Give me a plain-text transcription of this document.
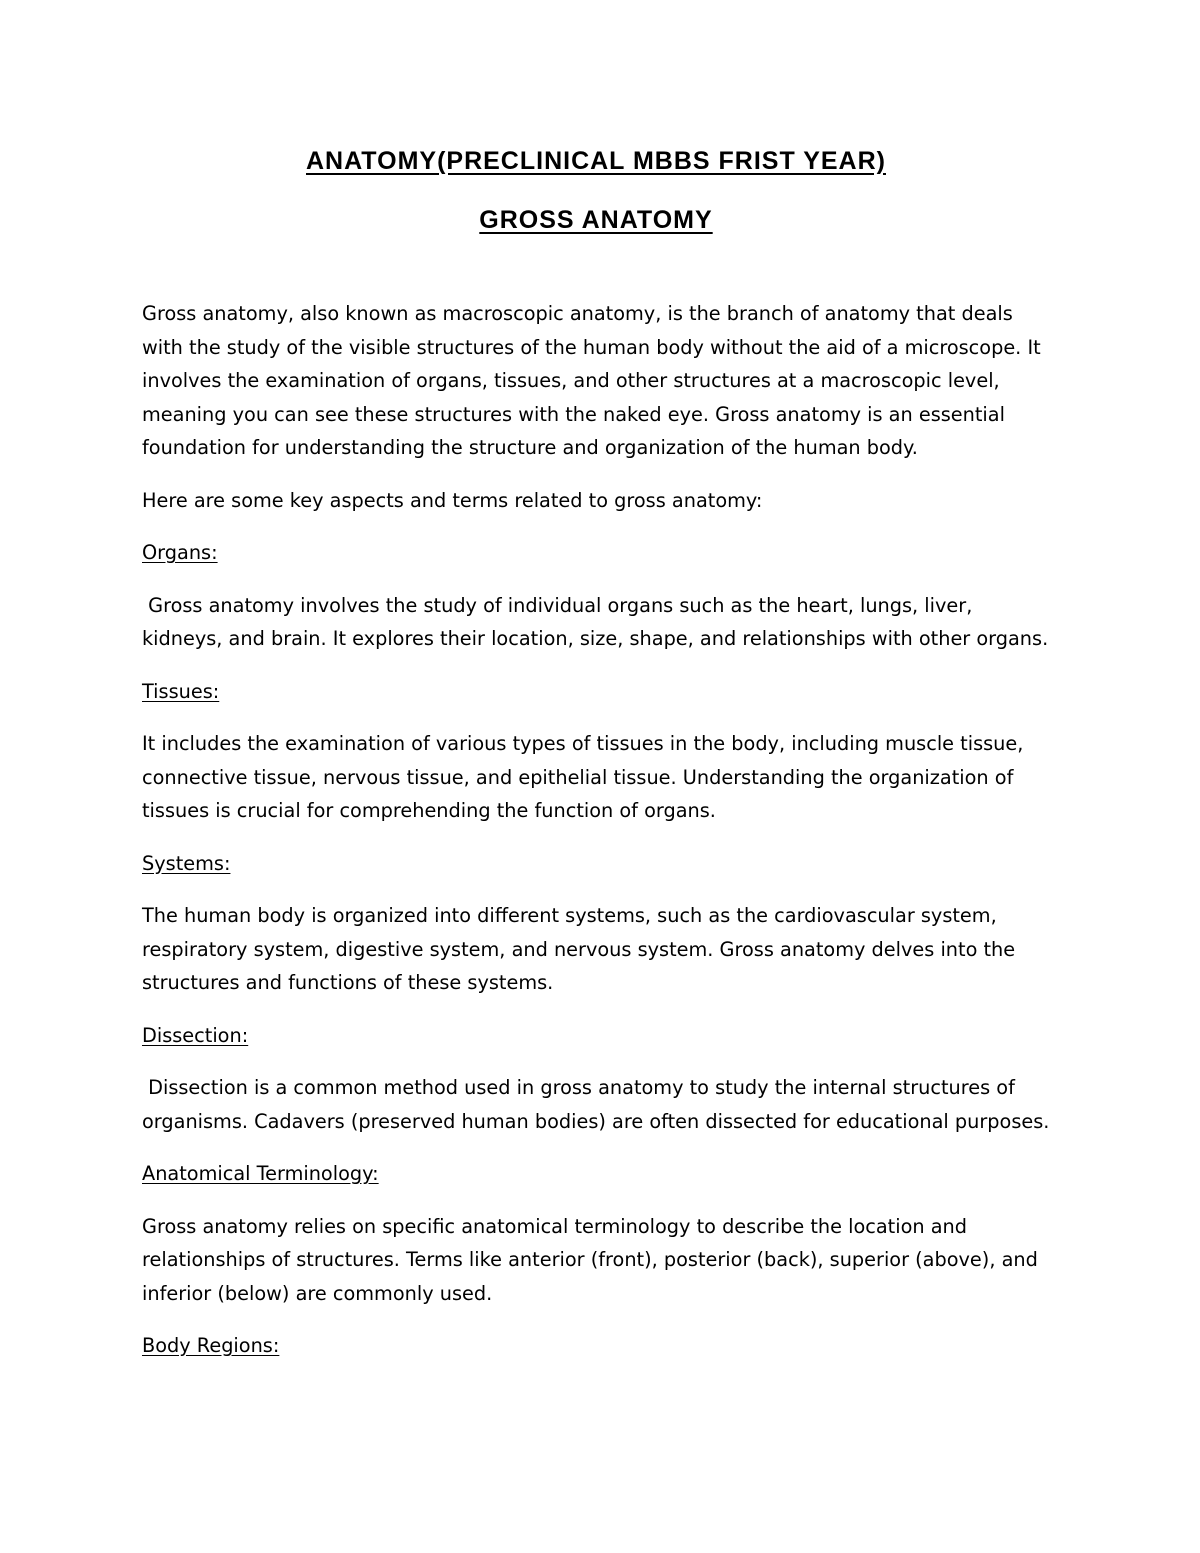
ANATOMY(PRECLINICAL MBBS FRIST YEAR)
GROSS ANATOMY

Gross anatomy, also known as macroscopic anatomy, is the branch of anatomy that deals with the study of the visible structures of the human body without the aid of a microscope. It involves the examination of organs, tissues, and other structures at a macroscopic level, meaning you can see these structures with the naked eye. Gross anatomy is an essential foundation for understanding the structure and organization of the human body.

Here are some key aspects and terms related to gross anatomy:

Organs:

Gross anatomy involves the study of individual organs such as the heart, lungs, liver, kidneys, and brain. It explores their location, size, shape, and relationships with other organs.

Tissues:

It includes the examination of various types of tissues in the body, including muscle tissue, connective tissue, nervous tissue, and epithelial tissue. Understanding the organization of tissues is crucial for comprehending the function of organs.

Systems:

The human body is organized into different systems, such as the cardiovascular system, respiratory system, digestive system, and nervous system. Gross anatomy delves into the structures and functions of these systems.

Dissection:

Dissection is a common method used in gross anatomy to study the internal structures of organisms. Cadavers (preserved human bodies) are often dissected for educational purposes.

Anatomical Terminology:

Gross anatomy relies on specific anatomical terminology to describe the location and relationships of structures. Terms like anterior (front), posterior (back), superior (above), and inferior (below) are commonly used.

Body Regions:
